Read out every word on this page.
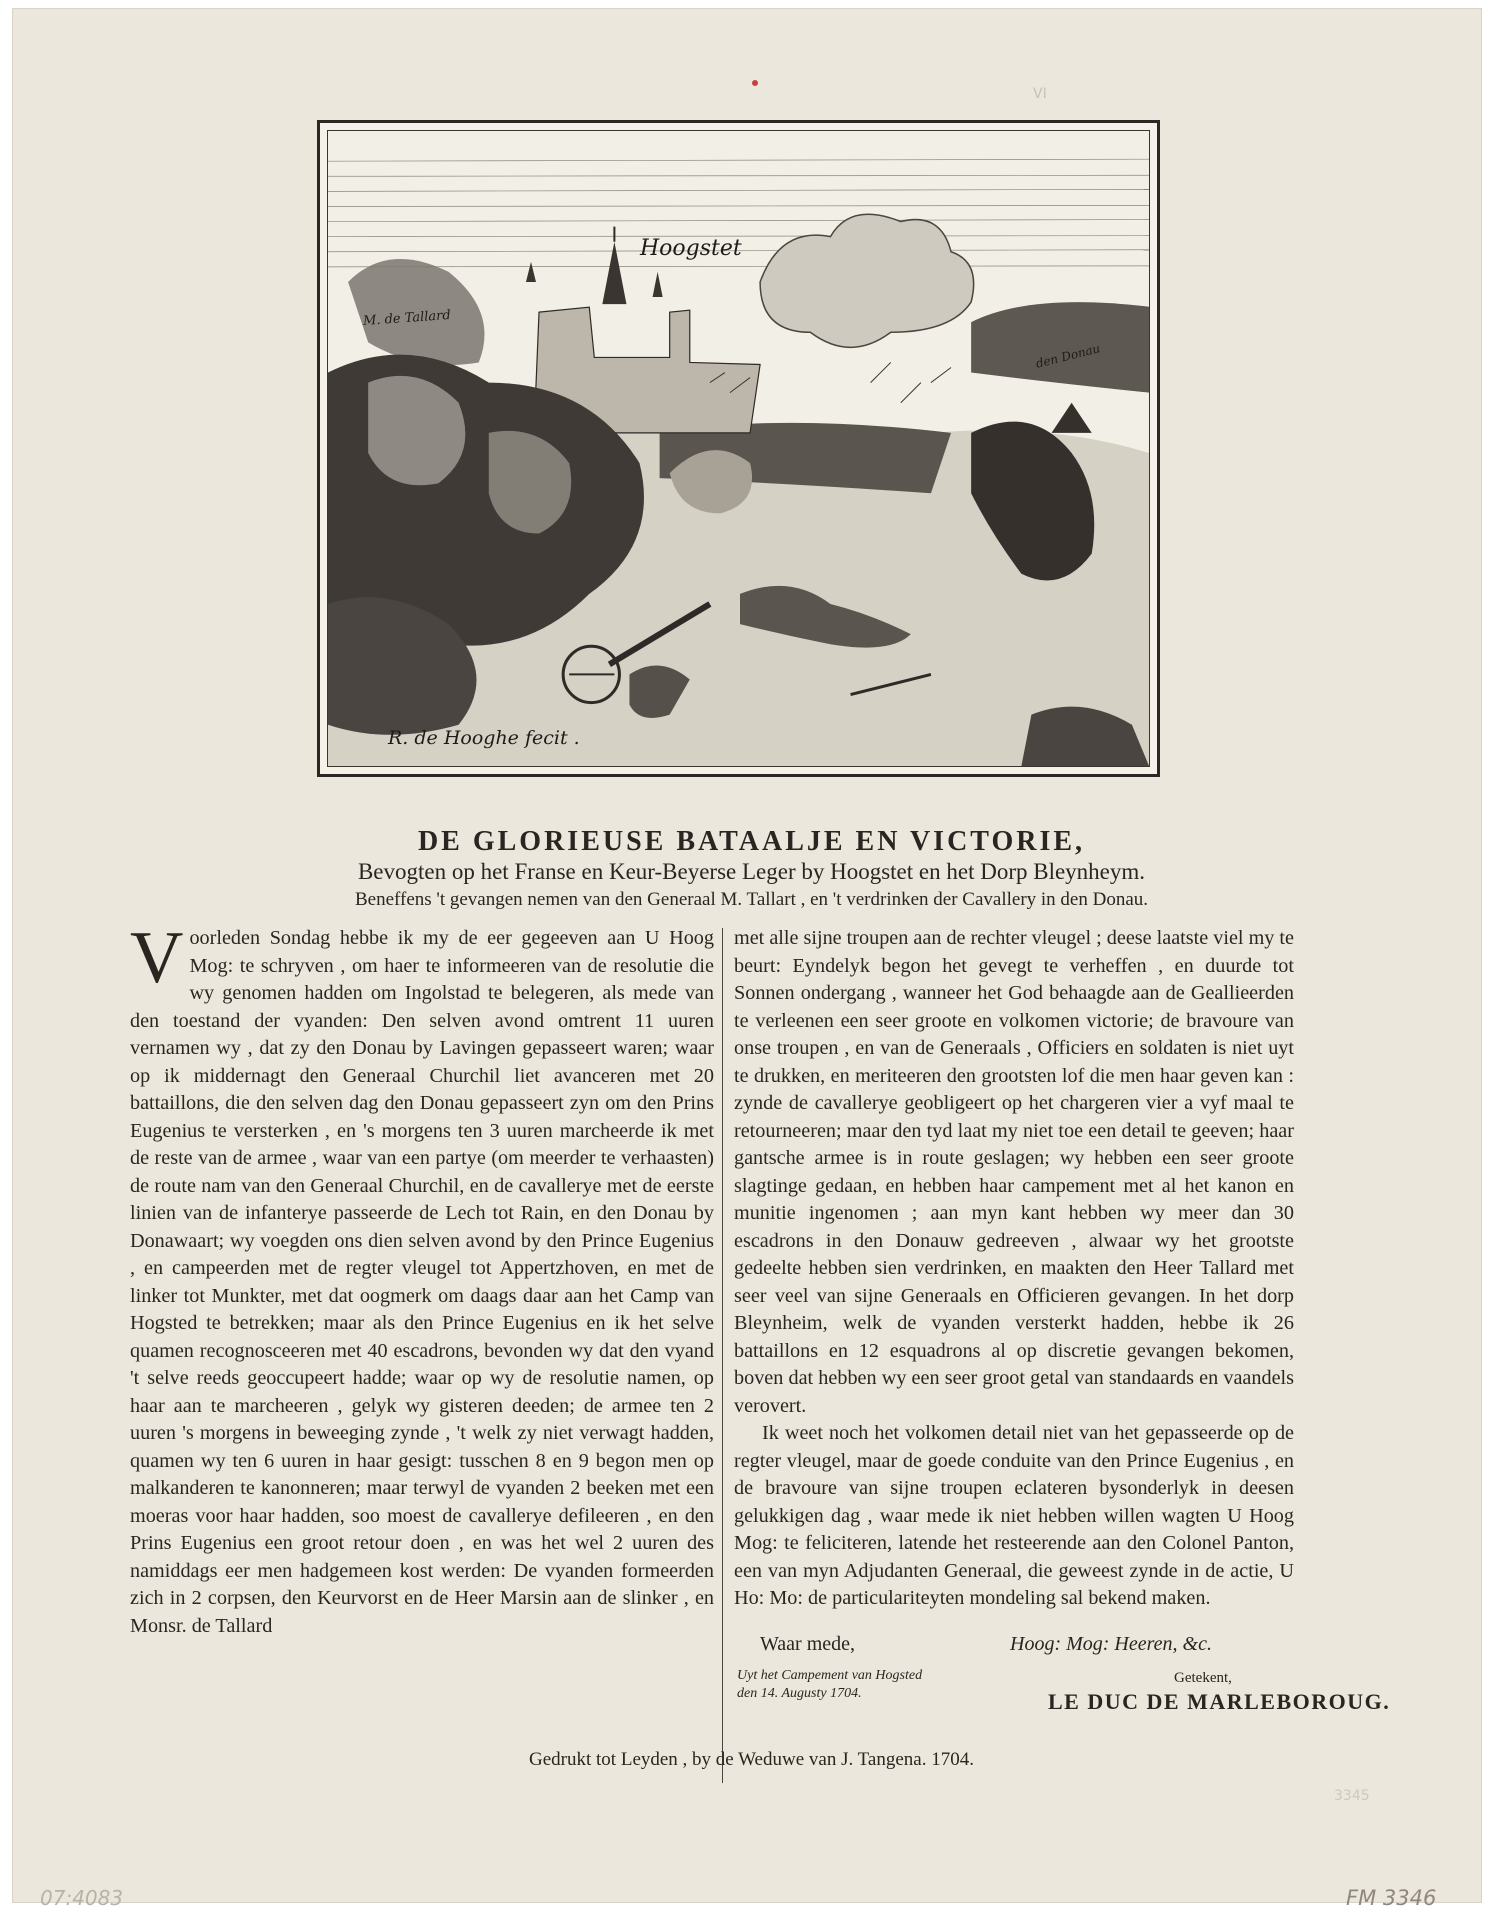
VI
Hoogstet
M. de Tallard
den Donau
R. de Hooghe fecit .
DE GLORIEUSE BATAALJE EN VICTORIE,
Bevogten op het Franse en Keur-Beyerse Leger by Hoogstet en het Dorp Bleynheym.
Beneffens 't gevangen nemen van den Generaal M. Tallart , en 't verdrinken der Cavallery in den Donau.
V oorleden Sondag hebbe ik my de eer gegeeven aan U Hoog Mog: te schryven , om haer te informeeren van de resolutie die wy genomen hadden om Ingolstad te belegeren, als mede van den toestand der vyanden: Den selven avond omtrent 11 uuren vernamen wy , dat zy den Donau by Lavingen gepasseert waren; waar op ik middernagt den Generaal Churchil liet avanceren met 20 battaillons, die den selven dag den Donau gepasseert zyn om den Prins Eugenius te versterken , en 's morgens ten 3 uuren marcheerde ik met de reste van de armee , waar van een partye (om meerder te verhaasten) de route nam van den Generaal Churchil, en de cavallerye met de eerste linien van de infanterye passeerde de Lech tot Rain, en den Donau by Donawaart; wy voegden ons dien selven avond by den Prince Eugenius , en campeerden met de regter vleugel tot Appertzhoven, en met de linker tot Munkter, met dat oogmerk om daags daar aan het Camp van Hogsted te betrekken; maar als den Prince Eugenius en ik het selve quamen recognosceeren met 40 escadrons, bevonden wy dat den vyand 't selve reeds geoccupeert hadde; waar op wy de resolutie namen, op haar aan te marcheeren , gelyk wy gisteren deeden; de armee ten 2 uuren 's morgens in beweeging zynde , 't welk zy niet verwagt hadden, quamen wy ten 6 uuren in haar gesigt: tusschen 8 en 9 begon men op malkanderen te kanonneren; maar terwyl de vyanden 2 beeken met een moeras voor haar hadden, soo moest de cavallerye defileeren , en den Prins Eugenius een groot retour doen , en was het wel 2 uuren des namiddags eer men hadgemeen kost werden: De vyanden formeerden zich in 2 corpsen, den Keurvorst en de Heer Marsin aan de slinker , en Monsr. de Tallard

met alle sijne troupen aan de rechter vleugel ; deese laatste viel my te beurt: Eyndelyk begon het gevegt te verheffen , en duurde tot Sonnen ondergang , wanneer het God behaagde aan de Geallieerden te verleenen een seer groote en volkomen victorie; de bravoure van onse troupen , en van de Generaals , Officiers en soldaten is niet uyt te drukken, en meriteeren den grootsten lof die men haar geven kan : zynde de cavallerye geobligeert op het chargeren vier a vyf maal te retourneeren; maar den tyd laat my niet toe een detail te geeven; haar gantsche armee is in route geslagen; wy hebben een seer groote slagtinge gedaan, en hebben haar campement met al het kanon en munitie ingenomen ; aan myn kant hebben wy meer dan 30 escadrons in den Donauw gedreeven , alwaar wy het grootste gedeelte hebben sien verdrinken, en maakten den Heer Tallard met seer veel van sijne Generaals en Officieren gevangen. In het dorp Bleynheim, welk de vyanden versterkt hadden, hebbe ik 26 battaillons en 12 esquadrons al op discretie gevangen bekomen, boven dat hebben wy een seer groot getal van standaards en vaandels verovert.

Ik weet noch het volkomen detail niet van het gepasseerde op de regter vleugel, maar de goede conduite van den Prince Eugenius , en de bravoure van sijne troupen eclateren bysonderlyk in deesen gelukkigen dag , waar mede ik niet hebben willen wagten U Hoog Mog: te feliciteren, latende het resteerende aan den Colonel Panton, een van myn Adjudanten Generaal, die geweest zynde in de actie, U Ho: Mo: de particulariteyten mondeling sal bekend maken.

Waar mede,	Hoog: Mog: Heeren, &c.
Uyt het Campement van Hogsted
den 14. Augusty 1704.
Getekent,
LE DUC DE MARLEBOROUG.
Gedrukt tot Leyden , by de Weduwe van J. Tangena. 1704.
3345
07:4083	FM 3346
